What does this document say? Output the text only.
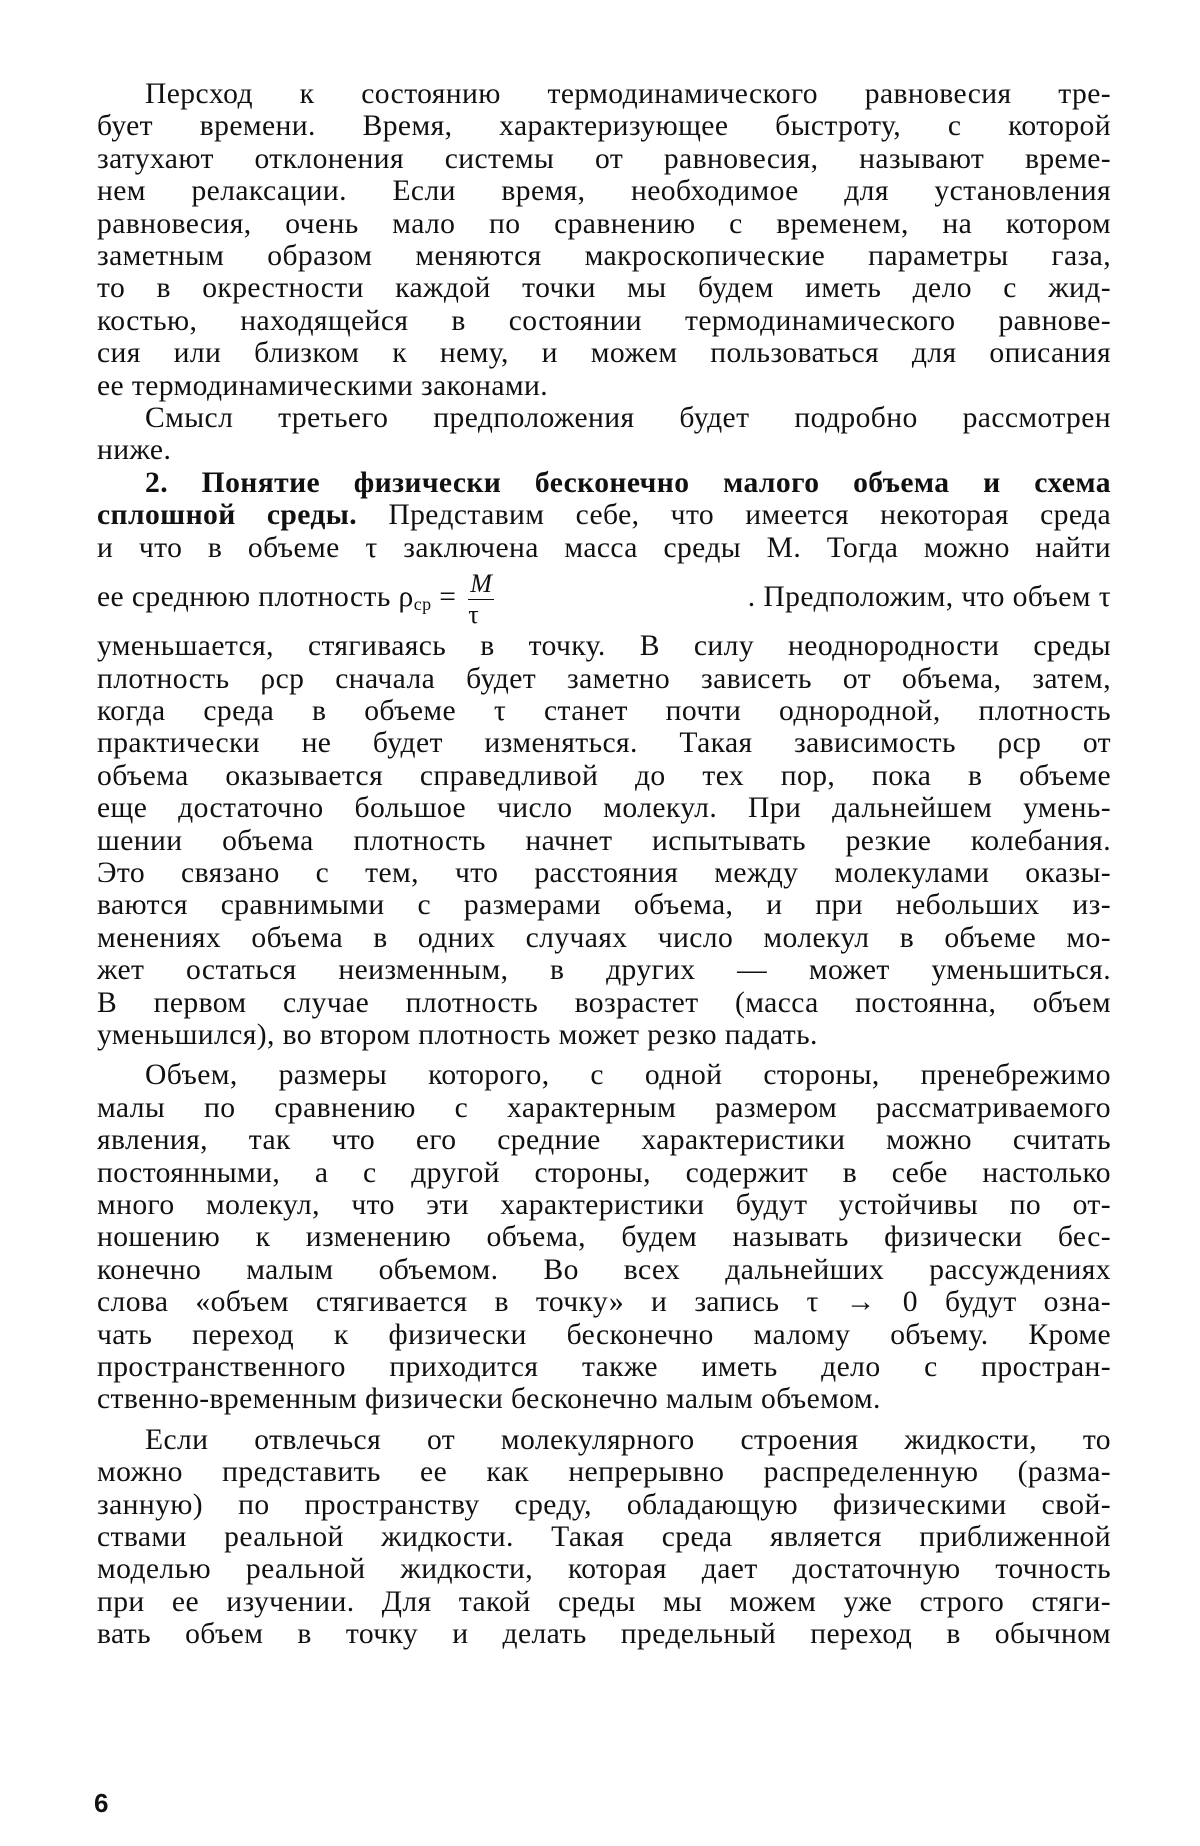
Перcход к состоянию термодинамического равновесия тре-
бует времени. Время, характеризующее быстроту, с которой
затухают отклонения системы от равновесия, называют време-
нем релаксации. Если время, необходимое для установления
равновесия, очень мало по сравнению с временем, на котором
заметным образом меняются макроскопические параметры газа,
то в окрестности каждой точки мы будем иметь дело с жид-
костью, находящейся в состоянии термодинамического равнове-
сия или близком к нему, и можем пользоваться для описания
ее термодинамическими законами.
Смысл третьего предположения будет подробно рассмотрен
ниже.
2. Понятие физически бесконечно малого объема и схема
сплошной среды. Представим себе, что имеется некоторая среда
и что в объеме τ заключена масса среды М. Тогда можно найти
ее среднюю плотность $\rho_{ср} = \frac{M}{\tau}$	. Предположим, что объем τ
уменьшается, стягиваясь в точку. В силу неоднородности среды
плотность ρср сначала будет заметно зависеть от объема, затем,
когда среда в объеме τ станет почти однородной, плотность
практически не будет изменяться. Такая зависимость ρср от
объема оказывается справедливой до тех пор, пока в объеме
еще достаточно большое число молекул. При дальнейшем умень-
шении объема плотность начнет испытывать резкие колебания.
Это связано с тем, что расстояния между молекулами оказы-
ваются сравнимыми с размерами объема, и при небольших из-
менениях объема в одних случаях число молекул в объеме мо-
жет остаться неизменным, в других — может уменьшиться.
В первом случае плотность возрастет (масса постоянна, объем
уменьшился), во втором плотность может резко падать.
Объем, размеры которого, с одной стороны, пренебрежимо
малы по сравнению с характерным размером рассматриваемого
явления, так что его средние характеристики можно считать
постоянными, а с другой стороны, содержит в себе настолько
много молекул, что эти характеристики будут устойчивы по от-
ношению к изменению объема, будем называть физически бес-
конечно малым объемом. Во всех дальнейших рассуждениях
слова «объем стягивается в точку» и запись τ → 0 будут озна-
чать переход к физически бесконечно малому объему. Кроме
пространственного приходится также иметь дело с простран-
ственно-временным физически бесконечно малым объемом.
Если отвлечься от молекулярного строения жидкости, то
можно представить ее как непрерывно распределенную (разма-
занную) по пространству среду, обладающую физическими свой-
ствами реальной жидкости. Такая среда является приближенной
моделью реальной жидкости, которая дает достаточную точность
при ее изучении. Для такой среды мы можем уже строго стяги-
вать объем в точку и делать предельный переход в обычном
6
